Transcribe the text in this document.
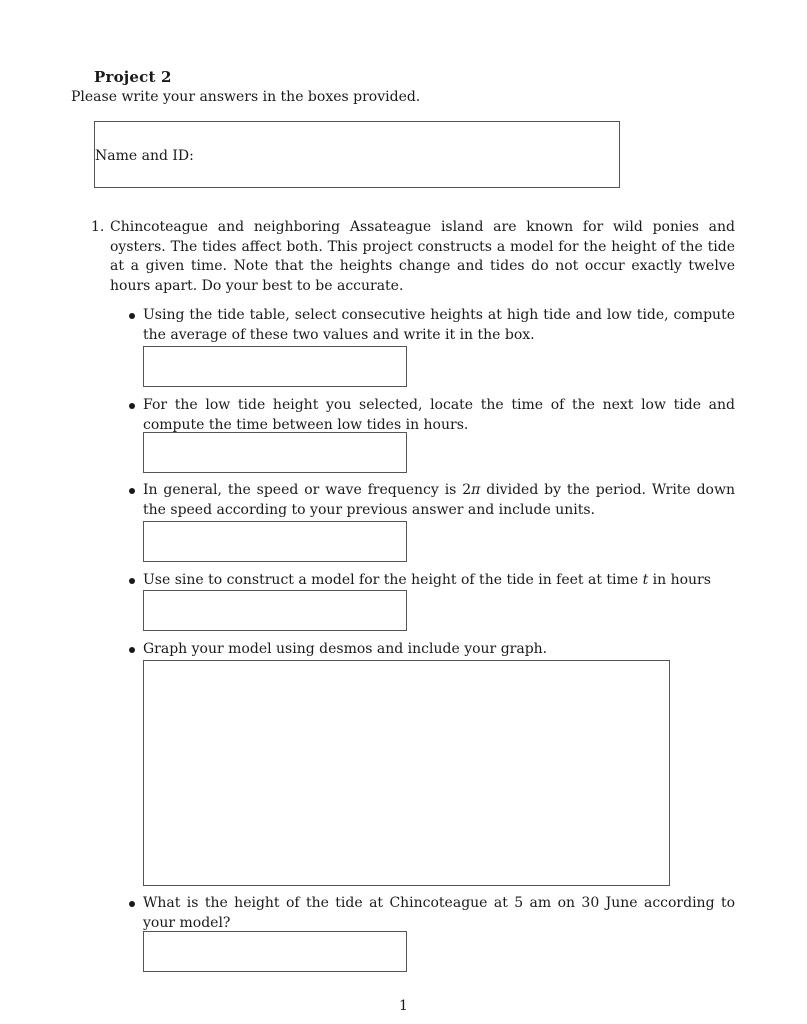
Project 2
Please write your answers in the boxes provided.
Name and ID:
1. Chincoteague and neighboring Assateague island are known for wild ponies and oysters. The tides affect both. This project constructs a model for the height of the tide at a given time. Note that the heights change and tides do not occur exactly twelve hours apart. Do your best to be accurate.
Using the tide table, select consecutive heights at high tide and low tide, compute the average of these two values and write it in the box.
For the low tide height you selected, locate the time of the next low tide and compute the time between low tides in hours.
In general, the speed or wave frequency is 2π divided by the period. Write down the speed according to your previous answer and include units.
Use sine to construct a model for the height of the tide in feet at time t in hours
Graph your model using desmos and include your graph.
What is the height of the tide at Chincoteague at 5 am on 30 June according to your model?
1
